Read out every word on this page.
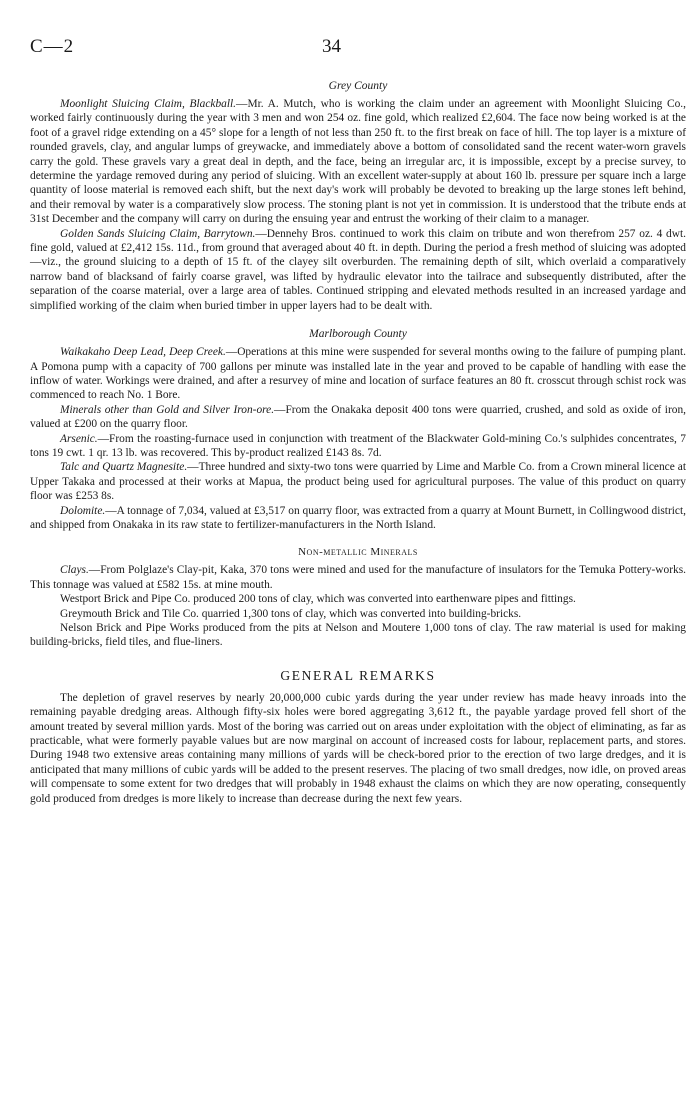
C—2	34
Grey County

Moonlight Sluicing Claim, Blackball.—Mr. A. Mutch, who is working the claim under an agreement with Moonlight Sluicing Co., worked fairly continuously during the year with 3 men and won 254 oz. fine gold, which realized £2,604. The face now being worked is at the foot of a gravel ridge extending on a 45° slope for a length of not less than 250 ft. to the first break on face of hill. The top layer is a mixture of rounded gravels, clay, and angular lumps of greywacke, and immediately above a bottom of consolidated sand the recent water-worn gravels carry the gold. These gravels vary a great deal in depth, and the face, being an irregular arc, it is impossible, except by a precise survey, to determine the yardage removed during any period of sluicing. With an excellent water-supply at about 160 lb. pressure per square inch a large quantity of loose material is removed each shift, but the next day's work will probably be devoted to breaking up the large stones left behind, and their removal by water is a comparatively slow process. The stoning plant is not yet in commission. It is understood that the tribute ends at 31st December and the company will carry on during the ensuing year and entrust the working of their claim to a manager.

Golden Sands Sluicing Claim, Barrytown.—Dennehy Bros. continued to work this claim on tribute and won therefrom 257 oz. 4 dwt. fine gold, valued at £2,412 15s. 11d., from ground that averaged about 40 ft. in depth. During the period a fresh method of sluicing was adopted—viz., the ground sluicing to a depth of 15 ft. of the clayey silt overburden. The remaining depth of silt, which overlaid a comparatively narrow band of blacksand of fairly coarse gravel, was lifted by hydraulic elevator into the tailrace and subsequently distributed, after the separation of the coarse material, over a large area of tables. Continued stripping and elevated methods resulted in an increased yardage and simplified working of the claim when buried timber in upper layers had to be dealt with.

Marlborough County

Waikakaho Deep Lead, Deep Creek.—Operations at this mine were suspended for several months owing to the failure of pumping plant. A Pomona pump with a capacity of 700 gallons per minute was installed late in the year and proved to be capable of handling with ease the inflow of water. Workings were drained, and after a resurvey of mine and location of surface features an 80 ft. crosscut through schist rock was commenced to reach No. 1 Bore.

Minerals other than Gold and Silver Iron-ore.—From the Onakaka deposit 400 tons were quarried, crushed, and sold as oxide of iron, valued at £200 on the quarry floor.

Arsenic.—From the roasting-furnace used in conjunction with treatment of the Blackwater Gold-mining Co.'s sulphides concentrates, 7 tons 19 cwt. 1 qr. 13 lb. was recovered. This by-product realized £143 8s. 7d.

Talc and Quartz Magnesite.—Three hundred and sixty-two tons were quarried by Lime and Marble Co. from a Crown mineral licence at Upper Takaka and processed at their works at Mapua, the product being used for agricultural purposes. The value of this product on quarry floor was £253 8s.

Dolomite.—A tonnage of 7,034, valued at £3,517 on quarry floor, was extracted from a quarry at Mount Burnett, in Collingwood district, and shipped from Onakaka in its raw state to fertilizer-manufacturers in the North Island.

Non-metallic Minerals

Clays.—From Polglaze's Clay-pit, Kaka, 370 tons were mined and used for the manufacture of insulators for the Temuka Pottery-works. This tonnage was valued at £582 15s. at mine mouth.

Westport Brick and Pipe Co. produced 200 tons of clay, which was converted into earthenware pipes and fittings.

Greymouth Brick and Tile Co. quarried 1,300 tons of clay, which was converted into building-bricks.

Nelson Brick and Pipe Works produced from the pits at Nelson and Moutere 1,000 tons of clay. The raw material is used for making building-bricks, field tiles, and flue-liners.

GENERAL REMARKS

The depletion of gravel reserves by nearly 20,000,000 cubic yards during the year under review has made heavy inroads into the remaining payable dredging areas. Although fifty-six holes were bored aggregating 3,612 ft., the payable yardage proved fell short of the amount treated by several million yards. Most of the boring was carried out on areas under exploitation with the object of eliminating, as far as practicable, what were formerly payable values but are now marginal on account of increased costs for labour, replacement parts, and stores. During 1948 two extensive areas containing many millions of yards will be check-bored prior to the erection of two large dredges, and it is anticipated that many millions of cubic yards will be added to the present reserves. The placing of two small dredges, now idle, on proved areas will compensate to some extent for two dredges that will probably in 1948 exhaust the claims on which they are now operating, consequently gold produced from dredges is more likely to increase than decrease during the next few years.
